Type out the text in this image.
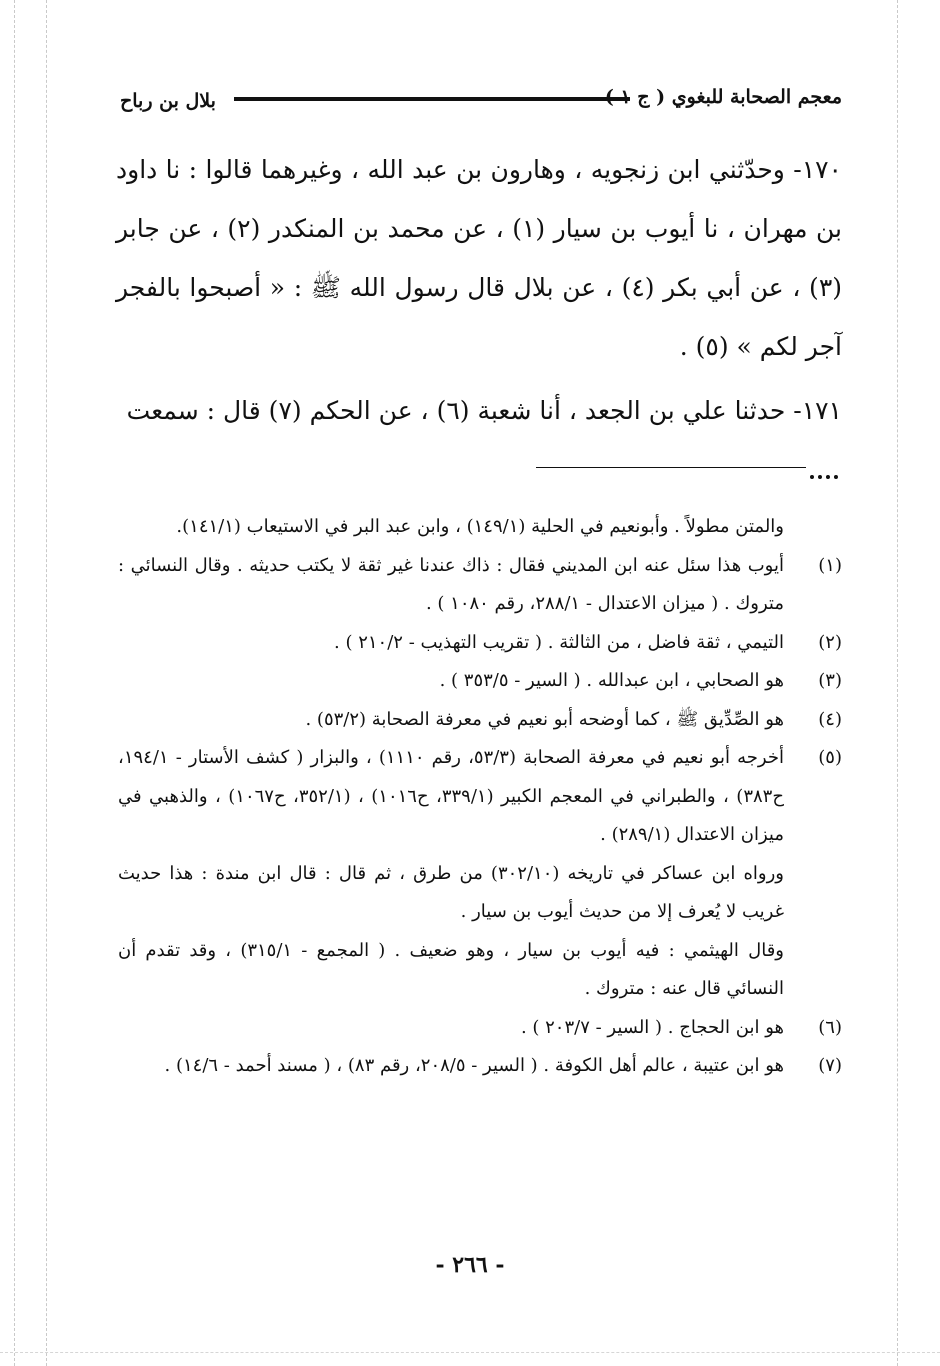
معجم الصحابة للبغوي ( ج
بلال بن رباح

١٧٠- وحدّثني ابن زنجويه ، وهارون بن عبد الله ، وغيرهما قالوا : نا داود بن مهران ، نا أيوب بن سيار (١) ، عن محمد بن المنكدر (٢) ، عن جابر (٣) ، عن أبي بكر (٤) ، عن بلال قال رسول الله ﷺ : « أصبحوا بالفجر آجر لكم » (٥) .

١٧١- حدثنا علي بن الجعد ، أنا شعبة (٦) ، عن الحكم (٧) قال : سمعت

والمتن مطولاً . وأبونعيم في الحلية (١٤٩/١) ، وابن عبد البر في الاستيعاب (١٤١/١).
(١)
أيوب هذا سئل عنه ابن المديني فقال : ذاك عندنا غير ثقة لا يكتب حديثه . وقال النسائي : متروك . ( ميزان الاعتدال - ٢٨٨/١، رقم ١٠٨٠ ) .
(٢)
التيمي ، ثقة فاضل ، من الثالثة . ( تقريب التهذيب - ٢١٠/٢ ) .
(٣)
هو الصحابي ، ابن عبدالله . ( السير - ٣٥٣/٥ ) .
(٤)
هو الصِّدِّيق ﷺ ، كما أوضحه أبو نعيم في معرفة الصحابة (٥٣/٢) .
(٥)
أخرجه أبو نعيم في معرفة الصحابة (٥٣/٣، رقم ١١١٠) ، والبزار ( كشف الأستار - ١٩٤/١، ح٣٨٣) ، والطبراني في المعجم الكبير (٣٣٩/١، ح١٠١٦) ، (٣٥٢/١، ح١٠٦٧) ، والذهبي في ميزان الاعتدال (٢٨٩/١) .
ورواه ابن عساكر في تاريخه (٣٠٢/١٠) من طرق ، ثم قال : قال ابن مندة : هذا حديث غريب لا يُعرف إلا من حديث أيوب بن سيار .
وقال الهيثمي : فيه أيوب بن سيار ، وهو ضعيف . ( المجمع - ٣١٥/١) ، وقد تقدم أن النسائي قال عنه : متروك .
(٦)
هو ابن الحجاج . ( السير - ٢٠٣/٧ ) .
(٧)
هو ابن عتيبة ، عالم أهل الكوفة . ( السير - ٢٠٨/٥، رقم ٨٣) ، ( مسند أحمد - ١٤/٦) .
- ٢٦٦ -
